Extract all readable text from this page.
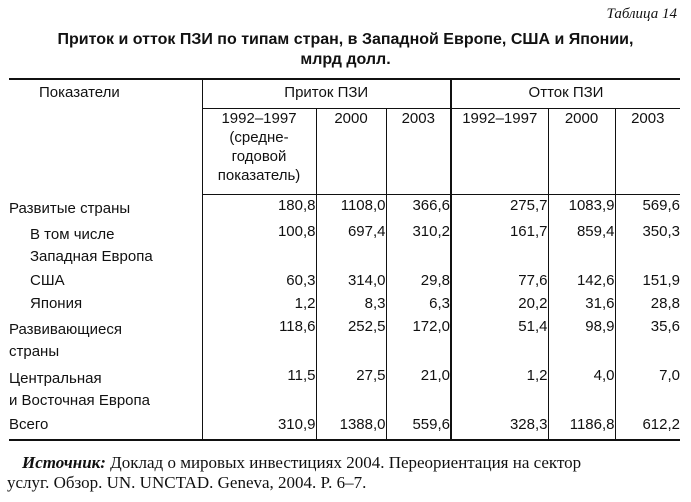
Таблица 14
Приток и отток ПЗИ по типам стран, в Западной Европе, США и Японии,
млрд долл.
Показатели	Приток ПЗИ			Отток ПЗИ		

	1992–1997
(средне-
годовой
показатель)	2000	2003	1992–1997	2000	2003
Развитые страны	180,8	1108,0	366,6	275,7	1083,9	569,6

В том числе
Западная Европа	100,8	697,4	310,2	161,7	859,4	350,3
США	60,3	314,0	29,8	77,6	142,6	151,9
Япония	1,2	8,3	6,3	20,2	31,6	28,8

Развивающиеся
страны	118,6	252,5	172,0	51,4	98,9	35,6

Центральная
и Восточная Европа	11,5	27,5	21,0	1,2	4,0	7,0
Всего	310,9	1388,0	559,6	328,3	1186,8	612,2
Источник: Доклад о мировых инвестициях 2004. Переориентация на сектор
услуг. Обзор. UN. UNCTAD. Geneva, 2004. P. 6–7.
